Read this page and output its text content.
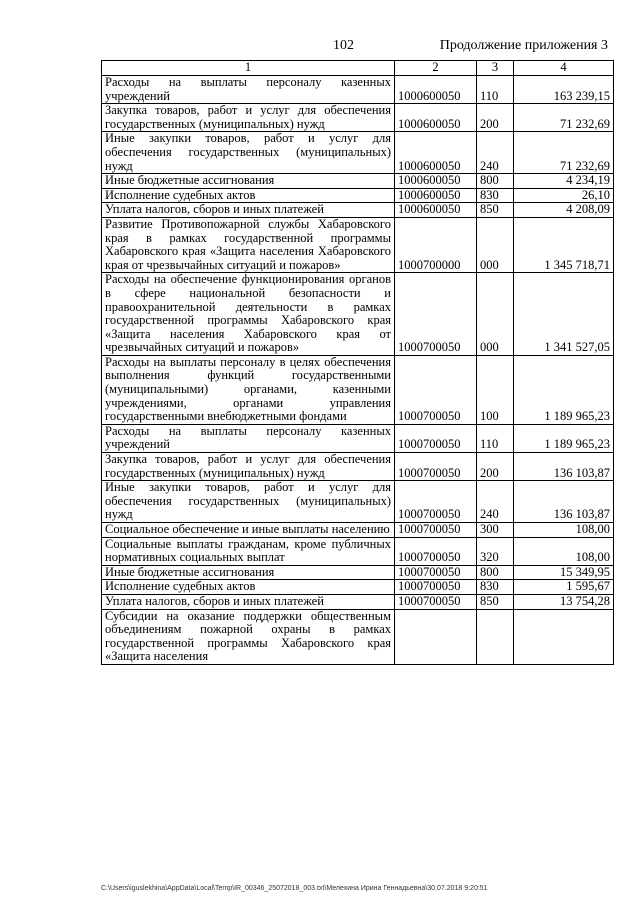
102	Продолжение приложения 3
1	2	3	4
Расходы на выплаты персоналу казенных учреждений	1000600050	110	163 239,15
Закупка товаров, работ и услуг для обеспечения государственных (муниципальных) нужд	1000600050	200	71 232,69
Иные закупки товаров, работ и услуг для обеспечения государственных (муниципальных) нужд	1000600050	240	71 232,69
Иные бюджетные ассигнования	1000600050	800	4 234,19
Исполнение судебных актов	1000600050	830	26,10
Уплата налогов, сборов и иных платежей	1000600050	850	4 208,09
Развитие Противопожарной службы Хабаровского края в рамках государственной программы Хабаровского края «Защита населения Хабаровского края от чрезвычайных ситуаций и пожаров»	1000700000	000	1 345 718,71
Расходы на обеспечение функционирования органов в сфере национальной безопасности и правоохранительной деятельности в рамках государственной программы Хабаровского края «Защита населения Хабаровского края от чрезвычайных ситуаций и пожаров»	1000700050	000	1 341 527,05
Расходы на выплаты персоналу в целях обеспечения выполнения функций государственными (муниципальными) органами, казенными учреждениями, органами управления государственными внебюджетными фондами	1000700050	100	1 189 965,23
Расходы на выплаты персоналу казенных учреждений	1000700050	110	1 189 965,23
Закупка товаров, работ и услуг для обеспечения государственных (муниципальных) нужд	1000700050	200	136 103,87
Иные закупки товаров, работ и услуг для обеспечения государственных (муниципальных) нужд	1000700050	240	136 103,87
Социальное обеспечение и иные выплаты населению	1000700050	300	108,00
Социальные выплаты гражданам, кроме публичных нормативных социальных выплат	1000700050	320	108,00
Иные бюджетные ассигнования	1000700050	800	15 349,95
Исполнение судебных актов	1000700050	830	1 595,67
Уплата налогов, сборов и иных платежей	1000700050	850	13 754,28
Субсидии на оказание поддержки общественным объединениям пожарной охраны в рамках государственной программы Хабаровского края «Защита населения			
C:\Users\iguslekhina\AppData\Local\Temp\IR_00346_25072018_003.txt\Мелехина Ирина Геннадьевна\30.07.2018 9:20:51
